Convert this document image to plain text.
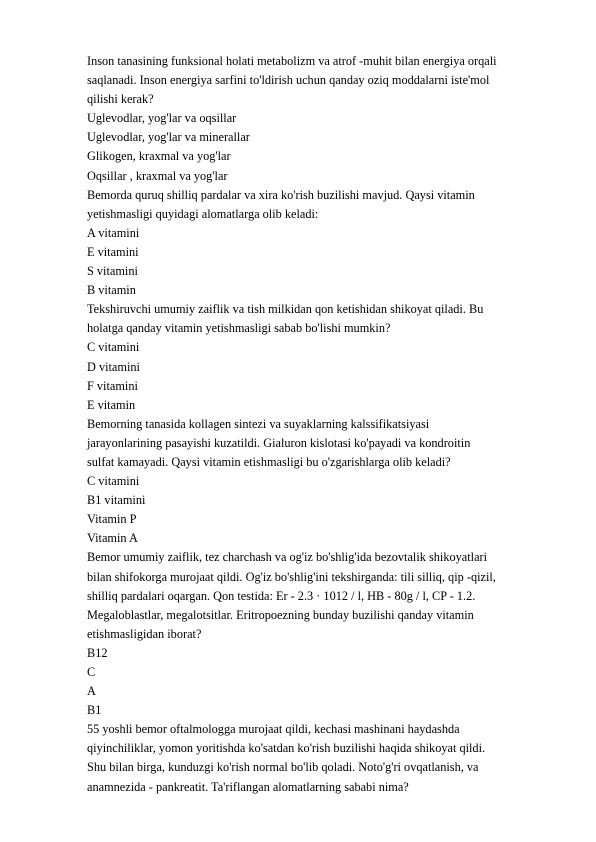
Inson tanasining funksional holati metabolizm va atrof -muhit bilan energiya orqali
saqlanadi. Inson energiya sarfini to'ldirish uchun qanday oziq moddalarni iste'mol
qilishi kerak?
Uglevodlar, yog'lar va oqsillar
Uglevodlar, yog'lar va minerallar
Glikogen, kraxmal va yog'lar
Oqsillar , kraxmal va yog'lar
Bemorda quruq shilliq pardalar va xira ko'rish buzilishi mavjud. Qaysi vitamin
yetishmasligi quyidagi alomatlarga olib keladi:
A vitamini
E vitamini
S vitamini
B vitamin
Tekshiruvchi umumiy zaiflik va tish milkidan qon ketishidan shikoyat qiladi. Bu
holatga qanday vitamin yetishmasligi sabab bo'lishi mumkin?
C vitamini
D vitamini
F vitamini
E vitamin
Bemorning tanasida kollagen sintezi va suyaklarning kalssifikatsiyasi
jarayonlarining pasayishi kuzatildi. Gialuron kislotasi ko'payadi va kondroitin
sulfat kamayadi. Qaysi vitamin etishmasligi bu o'zgarishlarga olib keladi?
C vitamini
B1 vitamini
Vitamin P
Vitamin A
Bemor umumiy zaiflik, tez charchash va og'iz bo'shlig'ida bezovtalik shikoyatlari
bilan shifokorga murojaat qildi. Og'iz bo'shlig'ini tekshirganda: tili silliq, qip -qizil,
shilliq pardalari oqargan. Qon testida: Er - 2.3 · 1012 / l, HB - 80g / l, CP - 1.2.
Megaloblastlar, megalotsitlar. Eritropoezning bunday buzilishi qanday vitamin
etishmasligidan iborat?
B12
C
A
B1
55 yoshli bemor oftalmologga murojaat qildi, kechasi mashinani haydashda
qiyinchiliklar, yomon yoritishda ko'satdan ko'rish buzilishi haqida shikoyat qildi.
Shu bilan birga, kunduzgi ko'rish normal bo'lib qoladi. Noto'g'ri ovqatlanish, va
anamnezida - pankreatit. Ta'riflangan alomatlarning sababi nima?
